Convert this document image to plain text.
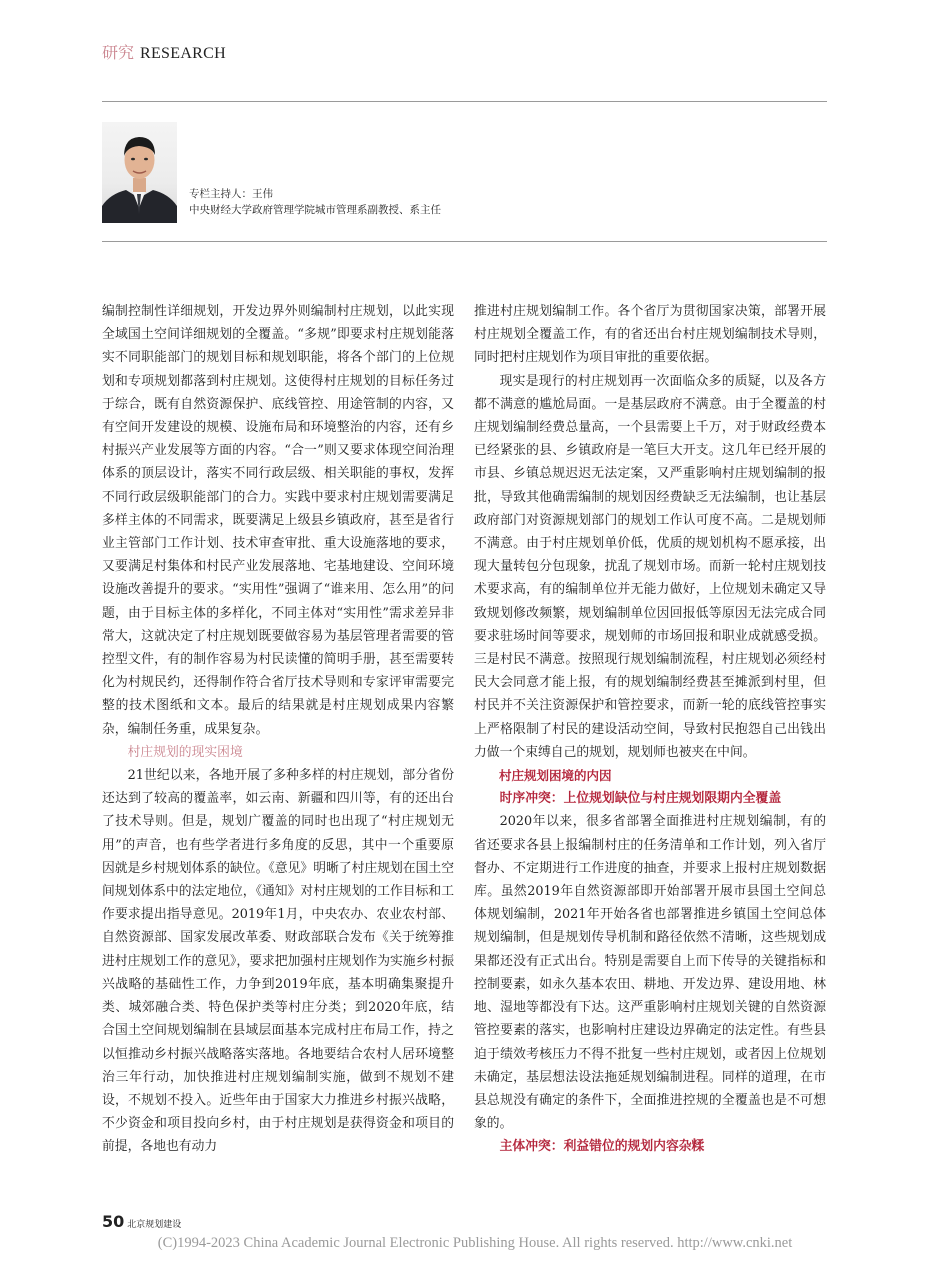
研究 RESEARCH
专栏主持人：王伟
中央财经大学政府管理学院城市管理系副教授、系主任

编制控制性详细规划，开发边界外则编制村庄规划，以此实现全域国土空间详细规划的全覆盖。“多规”即要求村庄规划能落实不同职能部门的规划目标和规划职能，将各个部门的上位规划和专项规划都落到村庄规划。这使得村庄规划的目标任务过于综合，既有自然资源保护、底线管控、用途管制的内容，又有空间开发建设的规模、设施布局和环境整治的内容，还有乡村振兴产业发展等方面的内容。“合一”则又要求体现空间治理体系的顶层设计，落实不同行政层级、相关职能的事权，发挥不同行政层级职能部门的合力。实践中要求村庄规划需要满足多样主体的不同需求，既要满足上级县乡镇政府，甚至是省行业主管部门工作计划、技术审查审批、重大设施落地的要求，又要满足村集体和村民产业发展落地、宅基地建设、空间环境设施改善提升的要求。“实用性”强调了“谁来用、怎么用”的问题，由于目标主体的多样化，不同主体对“实用性”需求差异非常大，这就决定了村庄规划既要做容易为基层管理者需要的管控型文件，有的制作容易为村民读懂的简明手册，甚至需要转化为村规民约，还得制作符合省厅技术导则和专家评审需要完整的技术图纸和文本。最后的结果就是村庄规划成果内容繁杂，编制任务重，成果复杂。

村庄规划的现实困境

21世纪以来，各地开展了多种多样的村庄规划，部分省份还达到了较高的覆盖率，如云南、新疆和四川等，有的还出台了技术导则。但是，规划广覆盖的同时也出现了“村庄规划无用”的声音，也有些学者进行多角度的反思，其中一个重要原因就是乡村规划体系的缺位。《意见》明晰了村庄规划在国土空间规划体系中的法定地位，《通知》对村庄规划的工作目标和工作要求提出指导意见。2019年1月，中央农办、农业农村部、自然资源部、国家发展改革委、财政部联合发布《关于统筹推进村庄规划工作的意见》，要求把加强村庄规划作为实施乡村振兴战略的基础性工作，力争到2019年底，基本明确集聚提升类、城郊融合类、特色保护类等村庄分类；到2020年底，结合国土空间规划编制在县域层面基本完成村庄布局工作，持之以恒推动乡村振兴战略落实落地。各地要结合农村人居环境整治三年行动，加快推进村庄规划编制实施，做到不规划不建设，不规划不投入。近些年由于国家大力推进乡村振兴战略，不少资金和项目投向乡村，由于村庄规划是获得资金和项目的前提，各地也有动力

推进村庄规划编制工作。各个省厅为贯彻国家决策，部署开展村庄规划全覆盖工作，有的省还出台村庄规划编制技术导则，同时把村庄规划作为项目审批的重要依据。

现实是现行的村庄规划再一次面临众多的质疑，以及各方都不满意的尴尬局面。一是基层政府不满意。由于全覆盖的村庄规划编制经费总量高，一个县需要上千万，对于财政经费本已经紧张的县、乡镇政府是一笔巨大开支。这几年已经开展的市县、乡镇总规迟迟无法定案，又严重影响村庄规划编制的报批，导致其他确需编制的规划因经费缺乏无法编制，也让基层政府部门对资源规划部门的规划工作认可度不高。二是规划师不满意。由于村庄规划单价低，优质的规划机构不愿承接，出现大量转包分包现象，扰乱了规划市场。而新一轮村庄规划技术要求高，有的编制单位并无能力做好，上位规划未确定又导致规划修改频繁，规划编制单位因回报低等原因无法完成合同要求驻场时间等要求，规划师的市场回报和职业成就感受损。三是村民不满意。按照现行规划编制流程，村庄规划必须经村民大会同意才能上报，有的规划编制经费甚至摊派到村里，但村民并不关注资源保护和管控要求，而新一轮的底线管控事实上严格限制了村民的建设活动空间，导致村民抱怨自己出钱出力做一个束缚自己的规划，规划师也被夹在中间。

村庄规划困境的内因

时序冲突：上位规划缺位与村庄规划限期内全覆盖

2020年以来，很多省部署全面推进村庄规划编制，有的省还要求各县上报编制村庄的任务清单和工作计划，列入省厅督办、不定期进行工作进度的抽查，并要求上报村庄规划数据库。虽然2019年自然资源部即开始部署开展市县国土空间总体规划编制，2021年开始各省也部署推进乡镇国土空间总体规划编制，但是规划传导机制和路径依然不清晰，这些规划成果都还没有正式出台。特别是需要自上而下传导的关键指标和控制要素，如永久基本农田、耕地、开发边界、建设用地、林地、湿地等都没有下达。这严重影响村庄规划关键的自然资源管控要素的落实，也影响村庄建设边界确定的法定性。有些县迫于绩效考核压力不得不批复一些村庄规划，或者因上位规划未确定，基层想法设法拖延规划编制进程。同样的道理，在市县总规没有确定的条件下，全面推进控规的全覆盖也是不可想象的。

主体冲突：利益错位的规划内容杂糅

50 北京规划建设
(C)1994-2023 China Academic Journal Electronic Publishing House. All rights reserved. http://www.cnki.net
